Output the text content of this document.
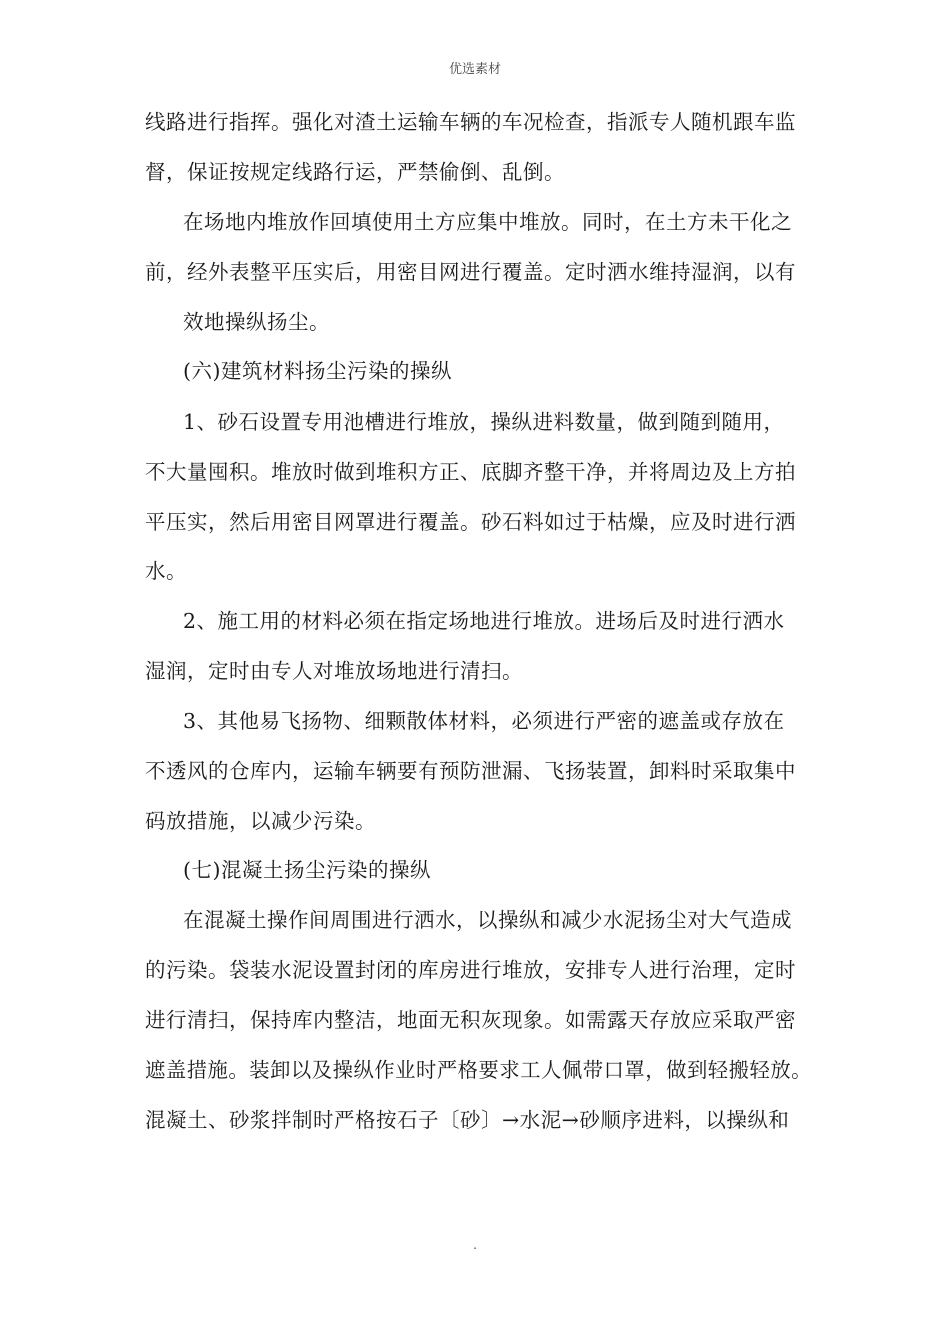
优选素材
线路进行指挥。强化对渣土运输车辆的车况检查，指派专人随机跟车监
督，保证按规定线路行运，严禁偷倒、乱倒。
在场地内堆放作回填使用土方应集中堆放。同时，在土方未干化之
前，经外表整平压实后，用密目网进行覆盖。定时洒水维持湿润，以有
效地操纵扬尘。
(六)建筑材料扬尘污染的操纵
1、砂石设置专用池槽进行堆放，操纵进料数量，做到随到随用，
不大量囤积。堆放时做到堆积方正、底脚齐整干净，并将周边及上方拍
平压实，然后用密目网罩进行覆盖。砂石料如过于枯燥，应及时进行洒
水。
2、施工用的材料必须在指定场地进行堆放。进场后及时进行洒水
湿润，定时由专人对堆放场地进行清扫。
3、其他易飞扬物、细颗散体材料，必须进行严密的遮盖或存放在
不透风的仓库内，运输车辆要有预防泄漏、飞扬装置，卸料时采取集中
码放措施，以减少污染。
(七)混凝土扬尘污染的操纵
在混凝土操作间周围进行洒水，以操纵和减少水泥扬尘对大气造成
的污染。袋装水泥设置封闭的库房进行堆放，安排专人进行治理，定时
进行清扫，保持库内整洁，地面无积灰现象。如需露天存放应采取严密
遮盖措施。装卸以及操纵作业时严格要求工人佩带口罩，做到轻搬轻放。
混凝土、砂浆拌制时严格按石子〔砂〕→水泥→砂顺序进料，以操纵和
.
